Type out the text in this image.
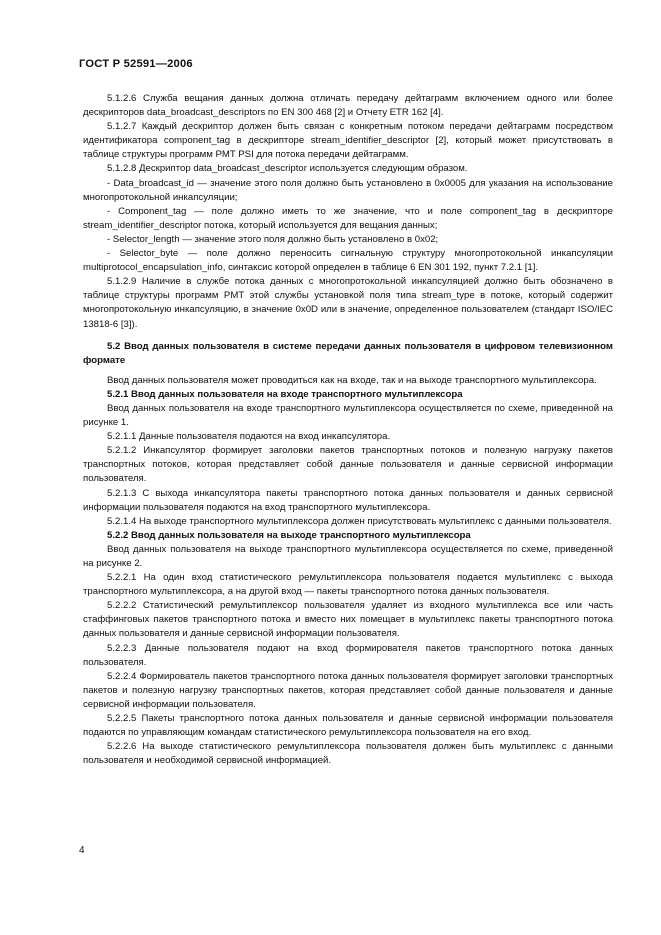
ГОСТ Р 52591—2006

5.1.2.6 Служба вещания данных должна отличать передачу дейтаграмм включением одного или более дескрипторов data_broadcast_descriptors по EN 300 468 [2] и Отчету ETR 162 [4].

5.1.2.7 Каждый дескриптор должен быть связан с конкретным потоком передачи дейтаграмм посредством идентификатора component_tag в дескрипторе stream_identifier_descriptor [2], который может присутствовать в таблице структуры программ PMT PSI для потока передачи дейтаграмм.

5.1.2.8 Дескриптор data_broadcast_descriptor используется следующим образом.

- Data_broadcast_id — значение этого поля должно быть установлено в 0x0005 для указания на использование многопротокольной инкапсуляции;

- Component_tag — поле должно иметь то же значение, что и поле component_tag в дескрипторе stream_identifier_descriptor потока, который используется для вещания данных;

- Selector_length — значение этого поля должно быть установлено в 0x02;

- Selector_byte — поле должно переносить сигнальную структуру многопротокольной инкапсуляции multiprotocol_encapsulation_info, синтаксис которой определен в таблице 6 EN 301 192, пункт 7.2.1 [1].

5.1.2.9 Наличие в службе потока данных с многопротокольной инкапсуляцией должно быть обозначено в таблице структуры программ PMT этой службы установкой поля типа stream_type в потоке, который содержит многопротокольную инкапсуляцию, в значение 0x0D или в значение, определенное пользователем (стандарт ISO/IEC 13818-6 [3]).

5.2 Ввод данных пользователя в системе передачи данных пользователя в цифровом телевизионном формате

Ввод данных пользователя может проводиться как на входе, так и на выходе транспортного мультиплексора.

5.2.1 Ввод данных пользователя на входе транспортного мультиплексора

Ввод данных пользователя на входе транспортного мультиплексора осуществляется по схеме, приведенной на рисунке 1.

5.2.1.1 Данные пользователя подаются на вход инкапсулятора.

5.2.1.2 Инкапсулятор формирует заголовки пакетов транспортных потоков и полезную нагрузку пакетов транспортных потоков, которая представляет собой данные пользователя и данные сервисной информации пользователя.

5.2.1.3 С выхода инкапсулятора пакеты транспортного потока данных пользователя и данных сервисной информации пользователя подаются на вход транспортного мультиплексора.

5.2.1.4 На выходе транспортного мультиплексора должен присутствовать мультиплекс с данными пользователя.

5.2.2 Ввод данных пользователя на выходе транспортного мультиплексора

Ввод данных пользователя на выходе транспортного мультиплексора осуществляется по схеме, приведенной на рисунке 2.

5.2.2.1 На один вход статистического ремультиплексора пользователя подается мультиплекс с выхода транспортного мультиплексора, а на другой вход — пакеты транспортного потока данных пользователя.

5.2.2.2 Статистический ремультиплексор пользователя удаляет из входного мультиплекса все или часть стаффинговых пакетов транспортного потока и вместо них помещает в мультиплекс пакеты транспортного потока данных пользователя и данные сервисной информации пользователя.

5.2.2.3 Данные пользователя подают на вход формирователя пакетов транспортного потока данных пользователя.

5.2.2.4 Формирователь пакетов транспортного потока данных пользователя формирует заголовки транспортных пакетов и полезную нагрузку транспортных пакетов, которая представляет собой данные пользователя и данные сервисной информации пользователя.

5.2.2.5 Пакеты транспортного потока данных пользователя и данные сервисной информации пользователя подаются по управляющим командам статистического ремультиплексора пользователя на его вход.

5.2.2.6 На выходе статистического ремультиплексора пользователя должен быть мультиплекс с данными пользователя и необходимой сервисной информацией.

4
